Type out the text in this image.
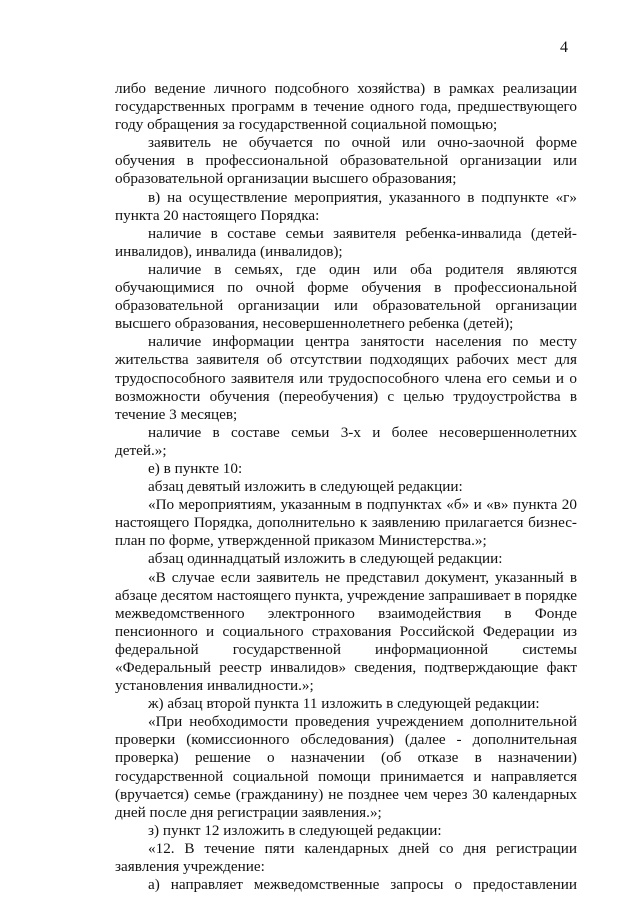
4

либо ведение личного подсобного хозяйства) в рамках реализации государственных программ в течение одного года, предшествующего году обращения за государственной социальной помощью;

заявитель не обучается по очной или очно-заочной форме обучения в профессиональной образовательной организации или образовательной организации высшего образования;

в) на осуществление мероприятия, указанного в подпункте «г» пункта 20 настоящего Порядка:

наличие в составе семьи заявителя ребенка-инвалида (детей-инвалидов), инвалида (инвалидов);

наличие в семьях, где один или оба родителя являются обучающимися по очной форме обучения в профессиональной образовательной организации или образовательной организации высшего образования, несовершеннолетнего ребенка (детей);

наличие информации центра занятости населения по месту жительства заявителя об отсутствии подходящих рабочих мест для трудоспособного заявителя или трудоспособного члена его семьи и о возможности обучения (переобучения) с целью трудоустройства в течение 3 месяцев;

наличие в составе семьи 3-х и более несовершеннолетних детей.»;

е) в пункте 10:

абзац девятый изложить в следующей редакции:

«По мероприятиям, указанным в подпунктах «б» и «в» пункта 20 настоящего Порядка, дополнительно к заявлению прилагается бизнес-план по форме, утвержденной приказом Министерства.»;

абзац одиннадцатый изложить в следующей редакции:

«В случае если заявитель не представил документ, указанный в абзаце десятом настоящего пункта, учреждение запрашивает в порядке межведомственного электронного взаимодействия в Фонде пенсионного и социального страхования Российской Федерации из федеральной государственной информационной системы «Федеральный реестр инвалидов» сведения, подтверждающие факт установления инвалидности.»;

ж) абзац второй пункта 11 изложить в следующей редакции:

«При необходимости проведения учреждением дополнительной проверки (комиссионного обследования) (далее - дополнительная проверка) решение о назначении (об отказе в назначении) государственной социальной помощи принимается и направляется (вручается) семье (гражданину) не позднее чем через 30 календарных дней после дня регистрации заявления.»;

з) пункт 12 изложить в следующей редакции:

«12. В течение пяти календарных дней со дня регистрации заявления учреждение:

а) направляет межведомственные запросы о предоставлении
